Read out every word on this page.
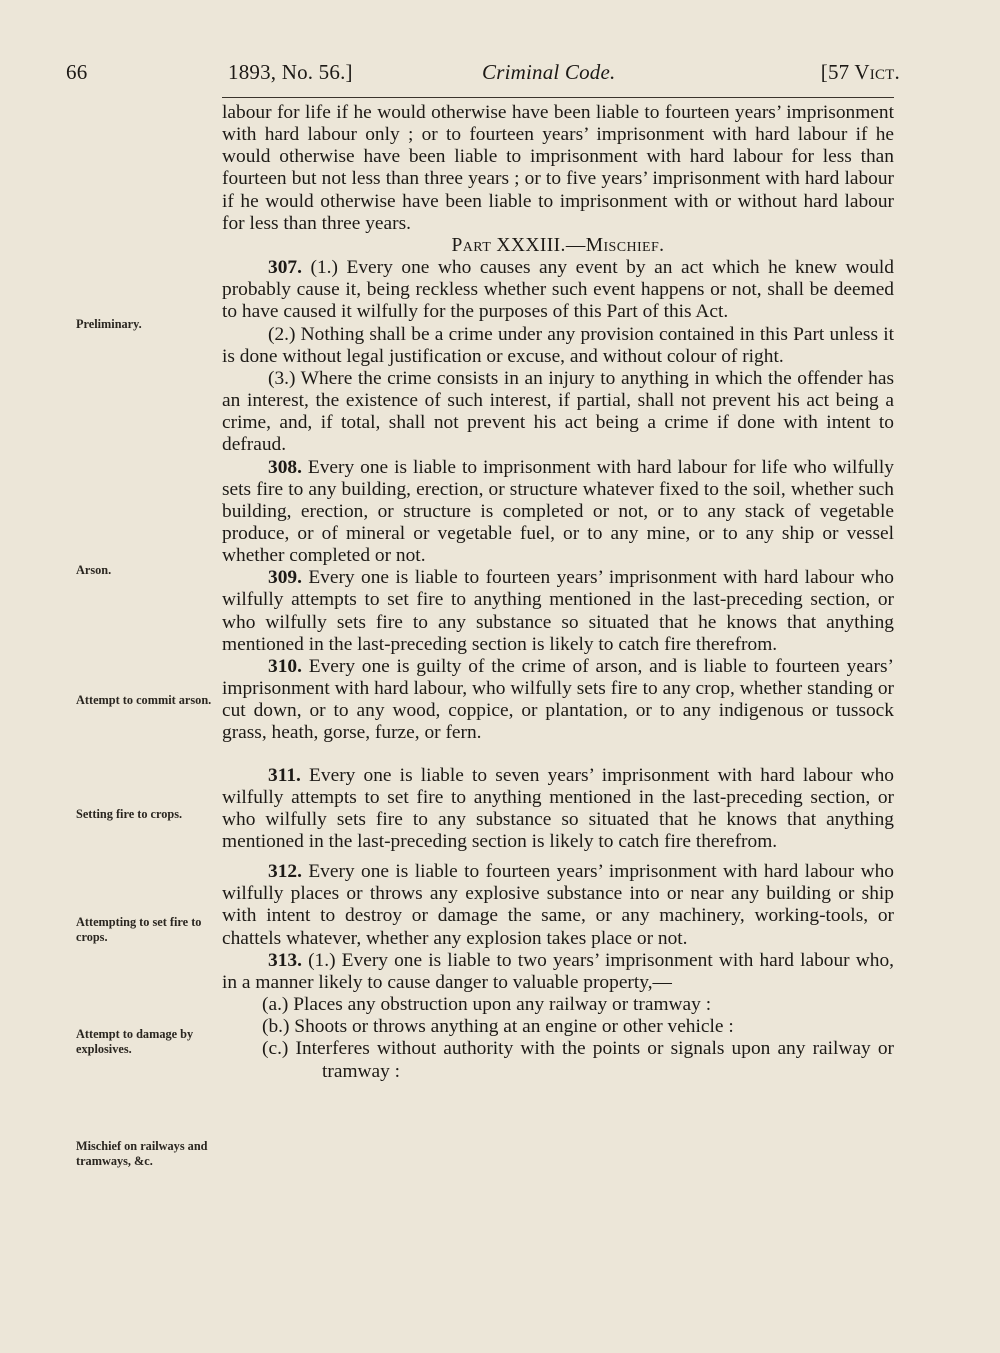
66	1893, No. 56.]	Criminal Code.	[57 Vict.

labour for life if he would otherwise have been liable to fourteen years’ imprisonment with hard labour only ; or to fourteen years’ imprisonment with hard labour if he would otherwise have been liable to imprisonment with hard labour for less than fourteen but not less than three years ; or to five years’ imprisonment with hard labour if he would otherwise have been liable to imprisonment with or without hard labour for less than three years.

Part XXXIII.—Mischief.

307. (1.) Every one who causes any event by an act which he knew would probably cause it, being reckless whether such event happens or not, shall be deemed to have caused it wilfully for the purposes of this Part of this Act.

(2.) Nothing shall be a crime under any provision contained in this Part unless it is done without legal justification or excuse, and without colour of right.

(3.) Where the crime consists in an injury to anything in which the offender has an interest, the existence of such interest, if partial, shall not prevent his act being a crime, and, if total, shall not prevent his act being a crime if done with intent to defraud.

308. Every one is liable to imprisonment with hard labour for life who wilfully sets fire to any building, erection, or structure whatever fixed to the soil, whether such building, erection, or structure is completed or not, or to any stack of vegetable produce, or of mineral or vegetable fuel, or to any mine, or to any ship or vessel whether completed or not.

309. Every one is liable to fourteen years’ imprisonment with hard labour who wilfully attempts to set fire to anything mentioned in the last-preceding section, or who wilfully sets fire to any substance so situated that he knows that anything mentioned in the last-preceding section is likely to catch fire therefrom.

310. Every one is guilty of the crime of arson, and is liable to fourteen years’ imprisonment with hard labour, who wilfully sets fire to any crop, whether standing or cut down, or to any wood, coppice, or plantation, or to any indigenous or tussock grass, heath, gorse, furze, or fern.

311. Every one is liable to seven years’ imprisonment with hard labour who wilfully attempts to set fire to anything mentioned in the last-preceding section, or who wilfully sets fire to any substance so situated that he knows that anything mentioned in the last-preceding section is likely to catch fire therefrom.

312. Every one is liable to fourteen years’ imprisonment with hard labour who wilfully places or throws any explosive substance into or near any building or ship with intent to destroy or damage the same, or any machinery, working-tools, or chattels whatever, whether any explosion takes place or not.

313. (1.) Every one is liable to two years’ imprisonment with hard labour who, in a manner likely to cause danger to valuable property,—

(a.) Places any obstruction upon any railway or tramway :

(b.) Shoots or throws anything at an engine or other vehicle :

(c.) Interferes without authority with the points or signals upon any railway or tramway :

Preliminary.
Arson.
Attempt to commit arson.
Setting fire to crops.
Attempting to set fire to crops.
Attempt to damage by explosives.
Mischief on railways and tramways, &c.
